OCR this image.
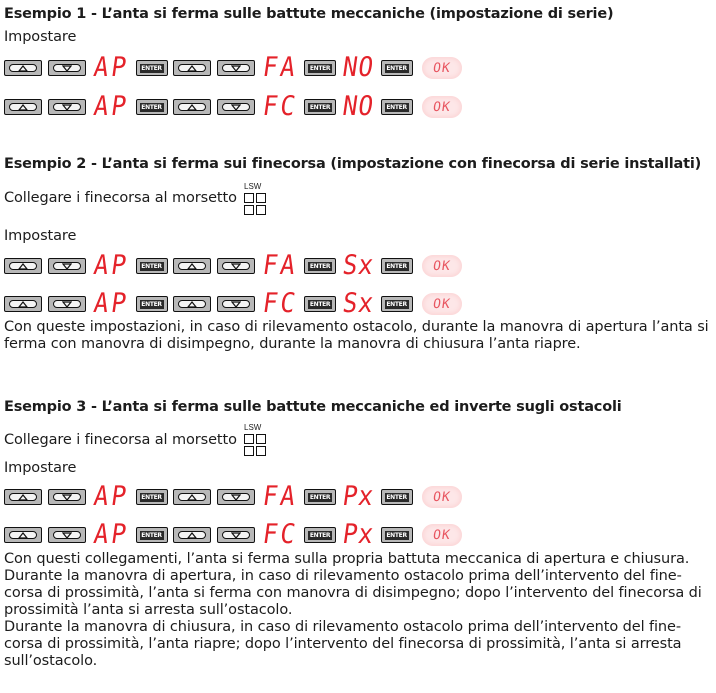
Esempio 1 - L’anta si ferma sulle battute meccaniche (impostazione di serie)
Impostare
AP ENTER	FA ENTER NO ENTER OK
AP ENTER	FC ENTER NO ENTER OK
Esempio 2 - L’anta si ferma sui finecorsa (impostazione con finecorsa di serie installati)
Collegare i finecorsa al morsetto
LSW
Impostare
AP ENTER	FA ENTER Sx ENTER OK
AP ENTER	FC ENTER Sx ENTER OK
Con queste impostazioni, in caso di rilevamento ostacolo, durante la manovra di apertura l’anta si
ferma con manovra di disimpegno, durante la manovra di chiusura l’anta riapre.
Esempio 3 - L’anta si ferma sulle battute meccaniche ed inverte sugli ostacoli
Collegare i finecorsa al morsetto
LSW
Impostare
AP ENTER	FA ENTER Px ENTER OK
AP ENTER	FC ENTER Px ENTER OK
Con questi collegamenti, l’anta si ferma sulla propria battuta meccanica di apertura e chiusura.
Durante la manovra di apertura, in caso di rilevamento ostacolo prima dell’intervento del fine-
corsa di prossimità, l’anta si ferma con manovra di disimpegno; dopo l’intervento del finecorsa di
prossimità l’anta si arresta sull’ostacolo.
Durante la manovra di chiusura, in caso di rilevamento ostacolo prima dell’intervento del fine-
corsa di prossimità, l’anta riapre; dopo l’intervento del finecorsa di prossimità, l’anta si arresta
sull’ostacolo.
